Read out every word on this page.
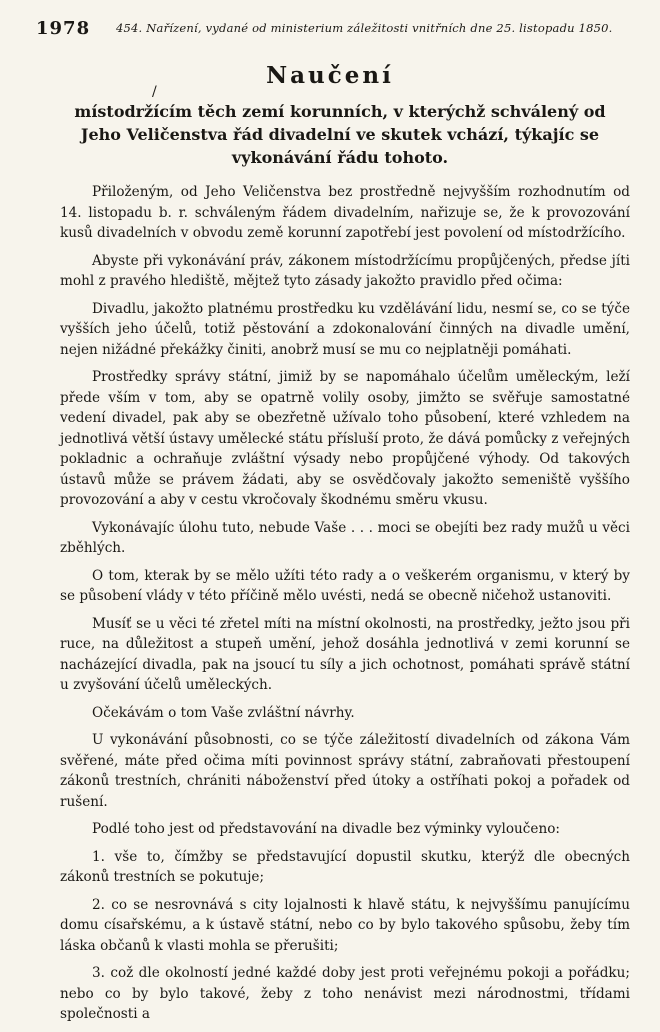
1978 454. Nařízení, vydané od ministerium záležitosti vnitřních dne 25. listopadu 1850.
/
Naučení
místodržícím těch zemí korunních, v kterýchž schválený od Jeho Veličenstva řád divadelní ve skutek vchází, týkajíc se vykonávání řádu tohoto.

Přiloženým, od Jeho Veličenstva bez prostředně nejvyšším rozhodnutím od 14. listopadu b. r. schváleným řádem divadelním, nařizuje se, že k provozování kusů divadelních v obvodu země korunní zapotřebí jest povolení od místodržícího.

Abyste při vykonávání práv, zákonem místodržícímu propůjčených, předse jíti mohl z pravého hlediště, mějtež tyto zásady jakožto pravidlo před očima:

Divadlu, jakožto platnému prostředku ku vzdělávání lidu, nesmí se, co se týče vyšších jeho účelů, totiž pěstování a zdokonalování činných na divadle umění, nejen nižádné překážky činiti, anobrž musí se mu co nejplatněji pomáhati.

Prostředky správy státní, jimiž by se napomáhalo účelům uměleckým, leží přede vším v tom, aby se opatrně volily osoby, jimžto se svěřuje samostatné vedení divadel, pak aby se obezřetně užívalo toho působení, které vzhledem na jednotlivá větší ústavy umělecké státu přísluší proto, že dává pomůcky z veřejných pokladnic a ochraňuje zvláštní výsady nebo propůjčené výhody. Od takových ústavů může se právem žádati, aby se osvědčovaly jakožto semeniště vyššího provozování a aby v cestu vkročovaly škodnému směru vkusu.

Vykonávajíc úlohu tuto, nebude Vaše . . . moci se obejíti bez rady mužů u věci zběhlých.

O tom, kterak by se mělo užíti této rady a o veškerém organismu, v který by se působení vlády v této příčině mělo uvésti, nedá se obecně ničehož ustanoviti.

Musíť se u věci té zřetel míti na místní okolnosti, na prostředky, ježto jsou při ruce, na důležitost a stupeň umění, jehož dosáhla jednotlivá v zemi korunní se nacházející divadla, pak na jsoucí tu síly a jich ochotnost, pomáhati správě státní u zvyšování účelů uměleckých.

Očekávám o tom Vaše zvláštní návrhy.

U vykonávání působnosti, co se týče záležitostí divadelních od zákona Vám svěřené, máte před očima míti povinnost správy státní, zabraňovati přestoupení zákonů trestních, chrániti náboženství před útoky a ostříhati pokoj a pořadek od rušení.

Podlé toho jest od představování na divadle bez výminky vyloučeno:

1. vše to, čímžby se představující dopustil skutku, kterýž dle obecných zákonů trestních se pokutuje;

2. co se nesrovnává s city lojalnosti k hlavě státu, k nejvyššímu panujícímu domu císařskému, a k ústavě státní, nebo co by bylo takového spůsobu, žeby tím láska občanů k vlasti mohla se přerušiti;

3. což dle okolností jedné každé doby jest proti veřejnému pokoji a pořádku; nebo co by bylo takové, žeby z toho nenávist mezi národnostmi, třídami společnosti a
